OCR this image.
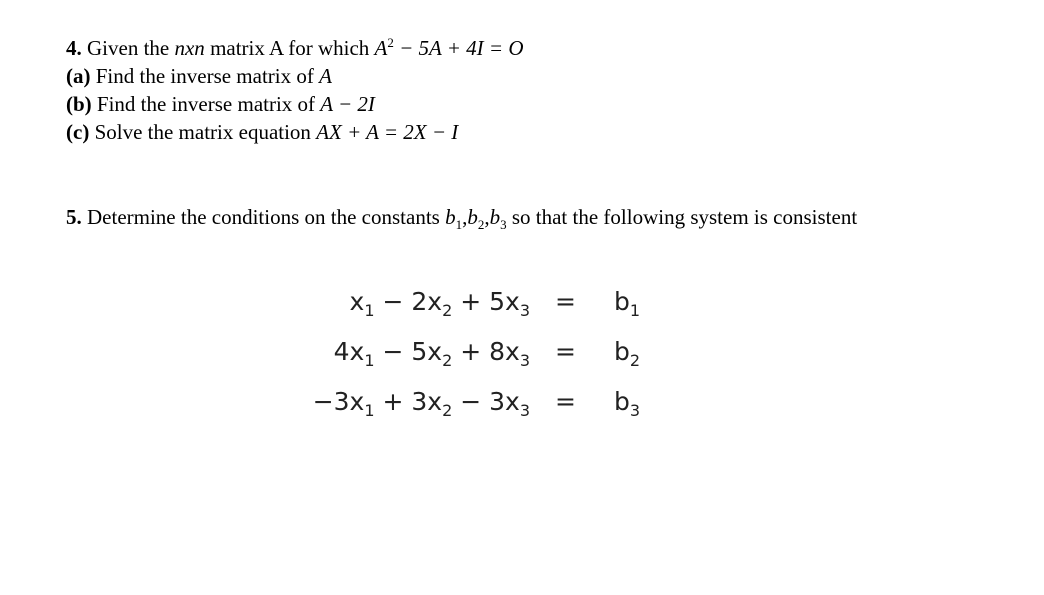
4. Given the nxn matrix A for which $A^2 - 5A + 4I = O$
(a) Find the inverse matrix of A
(b) Find the inverse matrix of A − 2I
(c) Solve the matrix equation AX + A = 2X − I
5. Determine the conditions on the constants $b_1,b_2,b_3$ so that the following system is consistent
$x_1 - 2x_2 + 5x_3 = b_1$
$4x_1 - 5x_2 + 8x_3 = b_2$
$-3x_1 + 3x_2 - 3x_3 = b_3$
